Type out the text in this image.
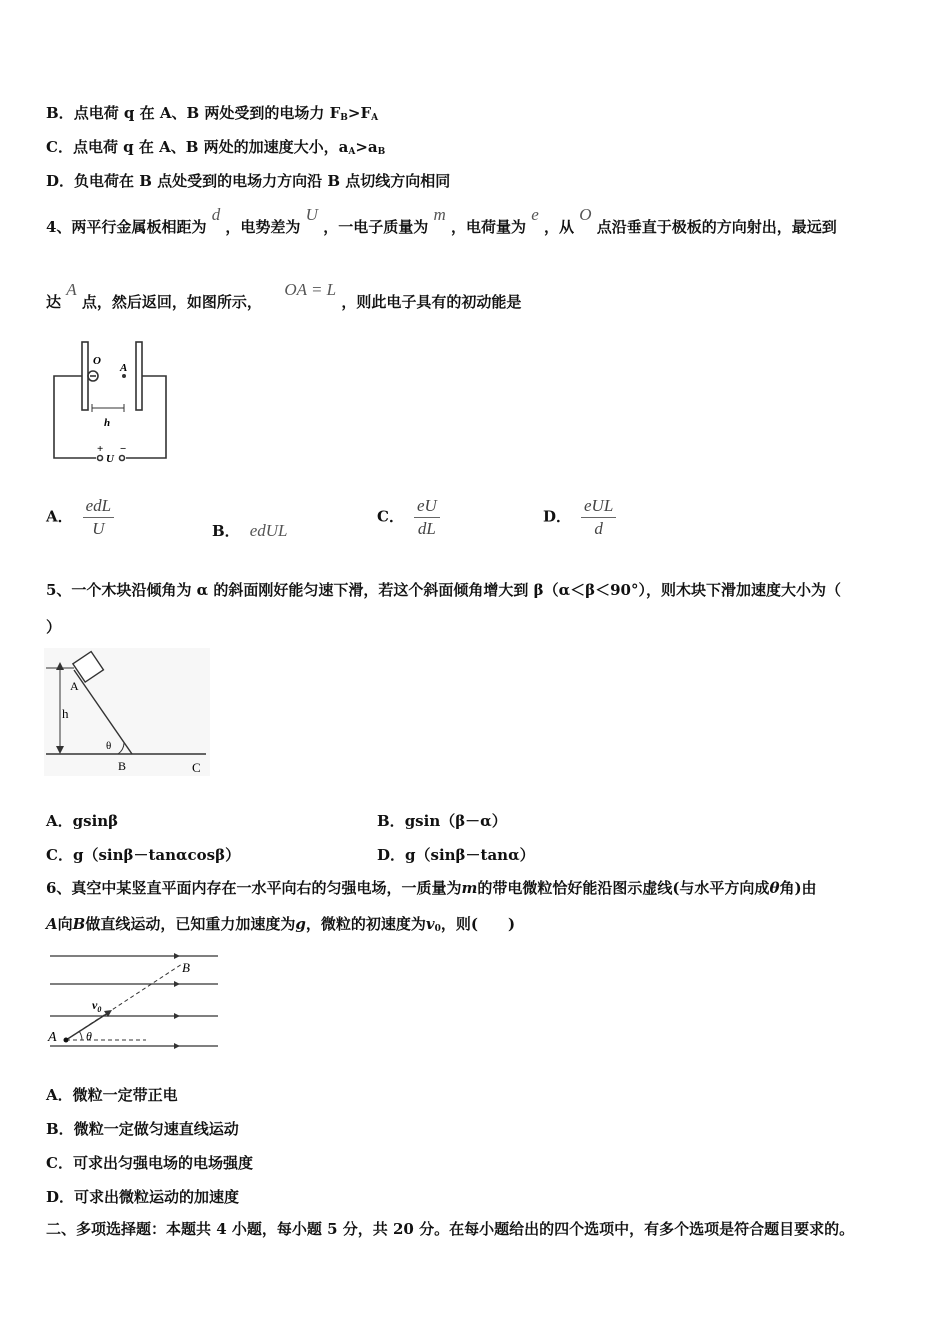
B．点电荷 q 在 A、B 两处受到的电场力 $F_B>F_A$
C．点电荷 q 在 A、B 两处的加速度大小，$a_A>a_B$
D．负电荷在 B 点处受到的电场力方向沿 B 点切线方向相同
4、两平行金属板相距为 d ，电势差为 U ，一电子质量为 m ，电荷量为 e ，从 O 点沿垂直于极板的方向射出，最远到
达 A 点，然后返回，如图所示，  OA = L ，则此电子具有的初动能是
O
A
h
+ −
U
A． $\frac{\text{edL}}{U}$	B． edUL
C． $\frac{eU}{dL}$	D． $\frac{\text{eUL}}{d}$
5、一个木块沿倾角为 α 的斜面刚好能匀速下滑，若这个斜面倾角增大到 β（α＜β＜90°），则木块下滑加速度大小为（
）
A
h
θ
B	C
A．gsinβ	B．gsin（β－α）
C．g（sinβ－tanαcosβ）	D．g（sinβ－tanα）
6、真空中某竖直平面内存在一水平向右的匀强电场，一质量为m的带电微粒恰好能沿图示虚线(与水平方向成θ角)由
A向B做直线运动，已知重力加速度为g，微粒的初速度为$v_0$，则(　　)
B
$v_0$
A θ
A．微粒一定带正电
B．微粒一定做匀速直线运动
C．可求出匀强电场的电场强度
D．可求出微粒运动的加速度
二、多项选择题：本题共 4 小题，每小题 5 分，共 20 分。在每小题给出的四个选项中，有多个选项是符合题目要求的。
